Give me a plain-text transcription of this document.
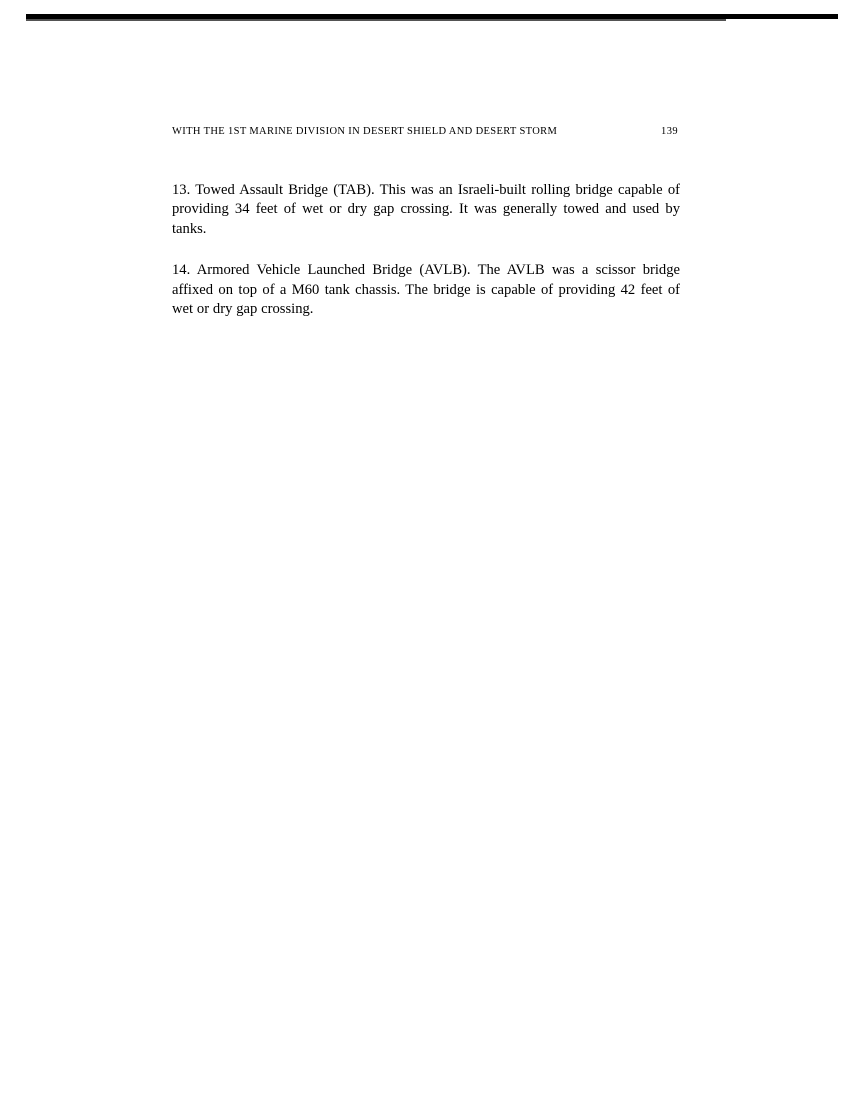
WITH THE 1ST MARINE DIVISION IN DESERT SHIELD AND DESERT STORM	139

13. Towed Assault Bridge (TAB). This was an Israeli-built rolling bridge capable of providing 34 feet of wet or dry gap crossing. It was generally towed and used by tanks.

14. Armored Vehicle Launched Bridge (AVLB). The AVLB was a scissor bridge affixed on top of a M60 tank chassis. The bridge is capable of providing 42 feet of wet or dry gap crossing.
